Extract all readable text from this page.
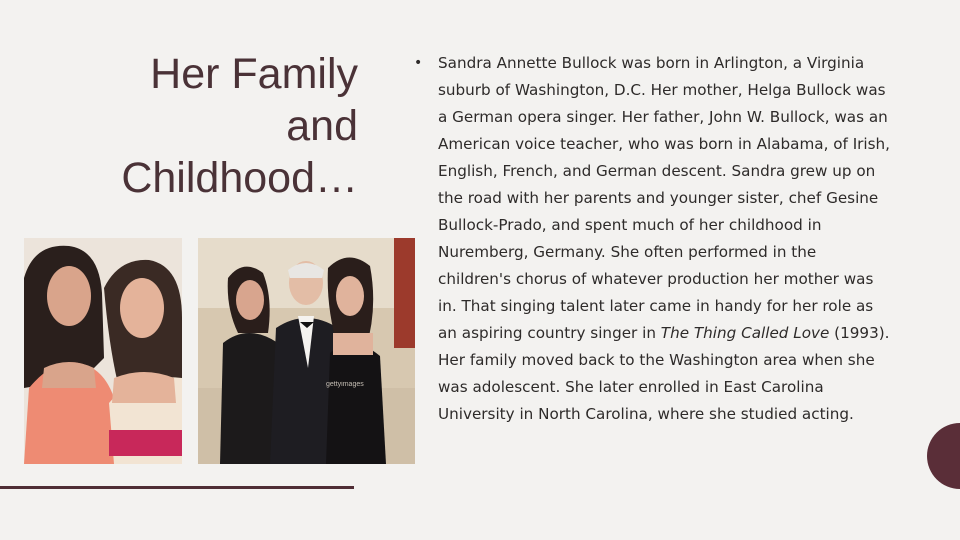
Her Family
and
Childhood…
gettyimages
• Sandra Annette Bullock was born in Arlington, a Virginia suburb of Washington, D.C. Her mother, Helga Bullock was a German opera singer. Her father, John W. Bullock, was an American voice teacher, who was born in Alabama, of Irish, English, French, and German descent. Sandra grew up on the road with her parents and younger sister, chef Gesine Bullock-Prado, and spent much of her childhood in Nuremberg, Germany. She often performed in the children's chorus of whatever production her mother was in. That singing talent later came in handy for her role as an aspiring country singer in The Thing Called Love (1993). Her family moved back to the Washington area when she was adolescent. She later enrolled in East Carolina University in North Carolina, where she studied acting.
